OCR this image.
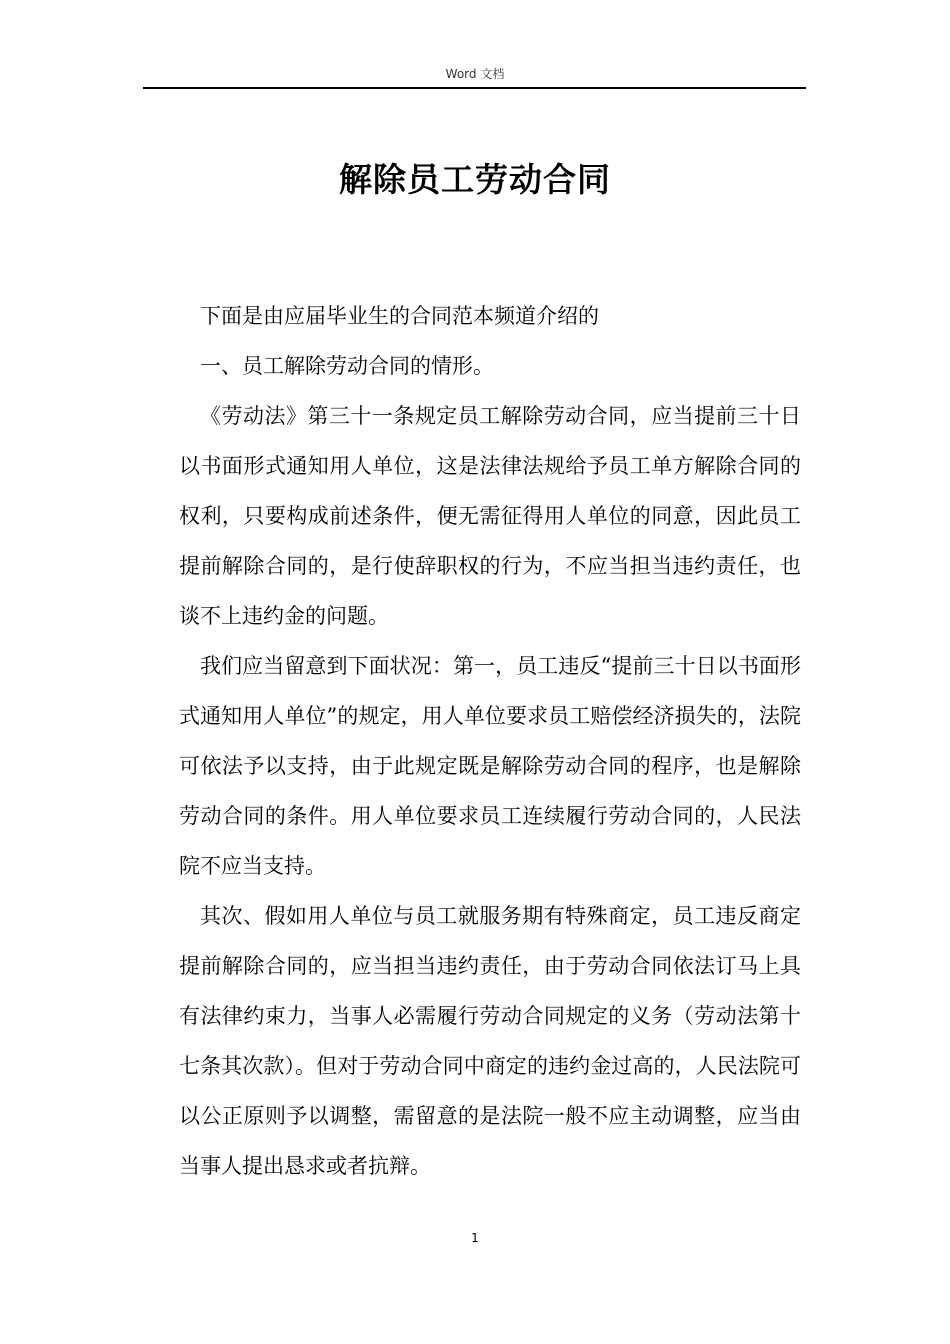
Word 文档
解除员工劳动合同

下面是由应届毕业生的合同范本频道介绍的

一、员工解除劳动合同的情形。

《劳动法》第三十一条规定员工解除劳动合同，应当提前三十日以书面形式通知用人单位，这是法律法规给予员工单方解除合同的权利，只要构成前述条件，便无需征得用人单位的同意，因此员工提前解除合同的，是行使辞职权的行为，不应当担当违约责任，也谈不上违约金的问题。

我们应当留意到下面状况：第一，员工违反“提前三十日以书面形式通知用人单位”的规定，用人单位要求员工赔偿经济损失的，法院可依法予以支持，由于此规定既是解除劳动合同的程序，也是解除劳动合同的条件。用人单位要求员工连续履行劳动合同的，人民法院不应当支持。

其次、假如用人单位与员工就服务期有特殊商定，员工违反商定提前解除合同的，应当担当违约责任，由于劳动合同依法订马上具有法律约束力，当事人必需履行劳动合同规定的义务（劳动法第十七条其次款）。但对于劳动合同中商定的违约金过高的，人民法院可以公正原则予以调整，需留意的是法院一般不应主动调整，应当由当事人提出恳求或者抗辩。

1
